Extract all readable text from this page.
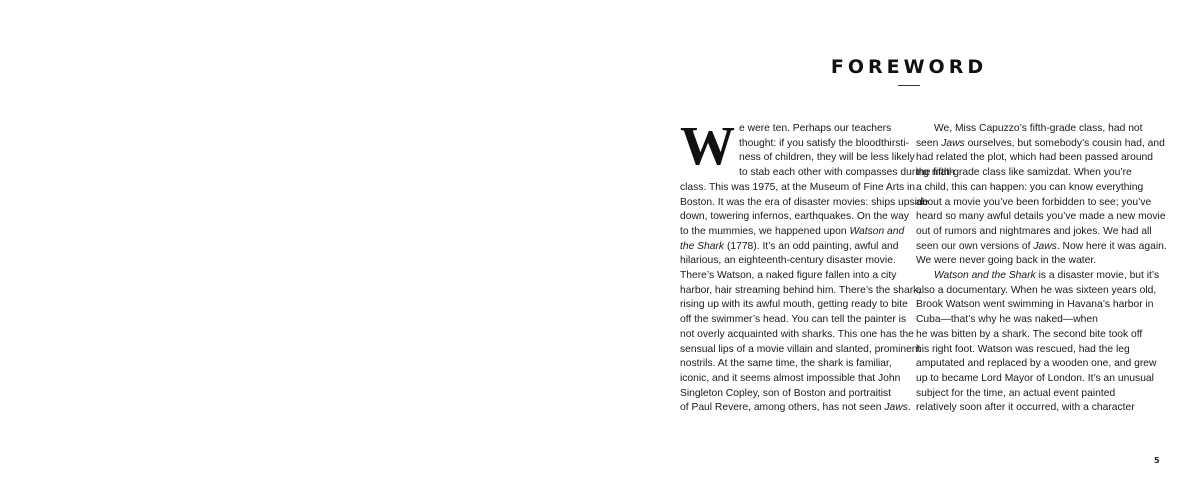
FOREWORD

W e were ten. Perhaps our teachers
thought: if you satisfy the bloodthirsti-
ness of children, they will be less likely
to stab each other with compasses during math
class. This was 1975, at the Museum of Fine Arts in
Boston. It was the era of disaster movies: ships upside
down, towering infernos, earthquakes. On the way
to the mummies, we happened upon Watson and
the Shark (1778). It’s an odd painting, awful and
hilarious, an eighteenth-century disaster movie.
There’s Watson, a naked figure fallen into a city
harbor, hair streaming behind him. There’s the shark,
rising up with its awful mouth, getting ready to bite
off the swimmer’s head. You can tell the painter is
not overly acquainted with sharks. This one has the
sensual lips of a movie villain and slanted, prominent
nostrils. At the same time, the shark is familiar,
iconic, and it seems almost impossible that John
Singleton Copley, son of Boston and portraitist
of Paul Revere, among others, has not seen Jaws.

We, Miss Capuzzo’s fifth-grade class, had not
seen Jaws ourselves, but somebody’s cousin had, and
had related the plot, which had been passed around
the fifth-grade class like samizdat. When you’re
a child, this can happen: you can know everything
about a movie you’ve been forbidden to see; you’ve
heard so many awful details you’ve made a new movie
out of rumors and nightmares and jokes. We had all
seen our own versions of Jaws. Now here it was again.
We were never going back in the water.

Watson and the Shark is a disaster movie, but it’s
also a documentary. When he was sixteen years old,
Brook Watson went swimming in Havana’s harbor in
Cuba—that’s why he was naked—when
he was bitten by a shark. The second bite took off
his right foot. Watson was rescued, had the leg
amputated and replaced by a wooden one, and grew
up to became Lord Mayor of London. It’s an unusual
subject for the time, an actual event painted
relatively soon after it occurred, with a character

5
